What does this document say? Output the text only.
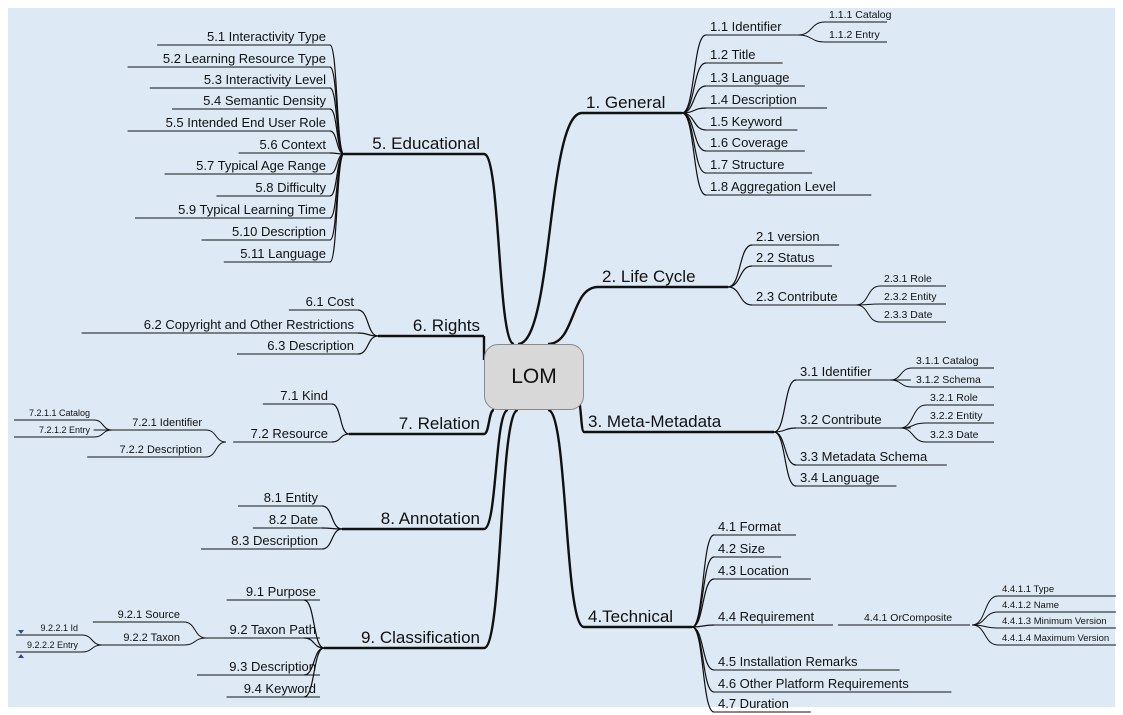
1. General
1.1 Identifier
1.2 Title
1.3 Language
1.4 Description
1.5 Keyword
1.6 Coverage
1.7 Structure
1.8 Aggregation Level
1.1.1 Catalog
1.1.2 Entry
2. Life Cycle
2.1 version
2.2 Status
2.3 Contribute
2.3.1 Role
2.3.2 Entity
2.3.3 Date
3. Meta-Metadata
3.1 Identifier
3.2 Contribute
3.3 Metadata Schema
3.4 Language
3.1.1 Catalog
3.1.2 Schema
3.2.1 Role
3.2.2 Entity
3.2.3 Date
4.Technical
4.1 Format
4.2 Size
4.3 Location
4.4 Requirement
4.5 Installation Remarks
4.6 Other Platform Requirements
4.7 Duration
4.4.1 OrComposite
4.4.1.1 Type
4.4.1.2 Name
4.4.1.3 Minimum Version
4.4.1.4 Maximum Version
5. Educational
5.1 Interactivity Type
5.2 Learning Resource Type
5.3 Interactivity Level
5.4 Semantic Density
5.5 Intended End User Role
5.6 Context
5.7 Typical Age Range
5.8 Difficulty
5.9 Typical Learning Time
5.10 Description
5.11 Language
6. Rights
6.1 Cost
6.2 Copyright and Other Restrictions
6.3 Description
7. Relation
7.1 Kind
7.2 Resource
7.2.1 Identifier
7.2.2 Description
7.2.1.1 Catalog
7.2.1.2 Entry
8. Annotation
8.1 Entity
8.2 Date
8.3 Description
9. Classification
9.1 Purpose
9.2 Taxon Path
9.3 Description
9.4 Keyword
9.2.1 Source
9.2.2 Taxon
9.2.2.1 Id
9.2.2.2 Entry
LOM
